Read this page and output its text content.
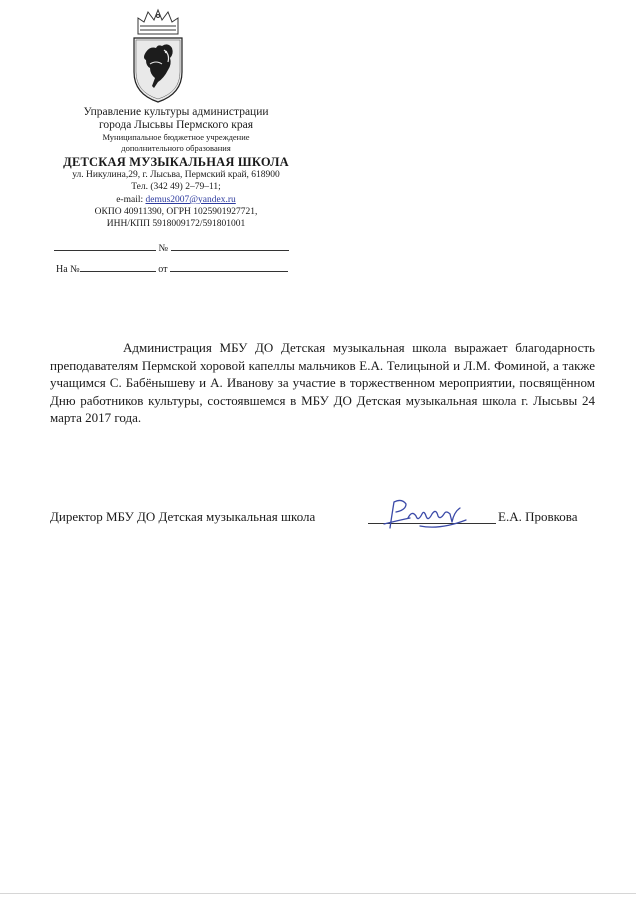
Управление культуры администрации
города Лысьвы Пермского края
Муниципальное бюджетное учреждение
дополнительного образования
ДЕТСКАЯ МУЗЫКАЛЬНАЯ ШКОЛА
ул. Никулина,29, г. Лысьва, Пермский край, 618900
Тел. (342 49) 2–79–11;
e-mail: demus2007@yandex.ru
ОКПО 40911390, ОГРН 1025901927721,
ИНН/КПП 5918009172/591801001
№
На №	от

Администрация МБУ ДО Детская музыкальная школа выражает благодарность преподавателям Пермской хоровой капеллы мальчиков Е.А. Телицыной и Л.М. Фоминой, а также учащимся С. Бабёнышеву и А. Иванову за участие в торжественном мероприятии, посвящённом Дню работников культуры, состоявшемся в МБУ ДО Детская музыкальная школа г. Лысьвы 24 марта 2017 года.

Директор МБУ ДО Детская музыкальная школа	Е.А. Провкова
